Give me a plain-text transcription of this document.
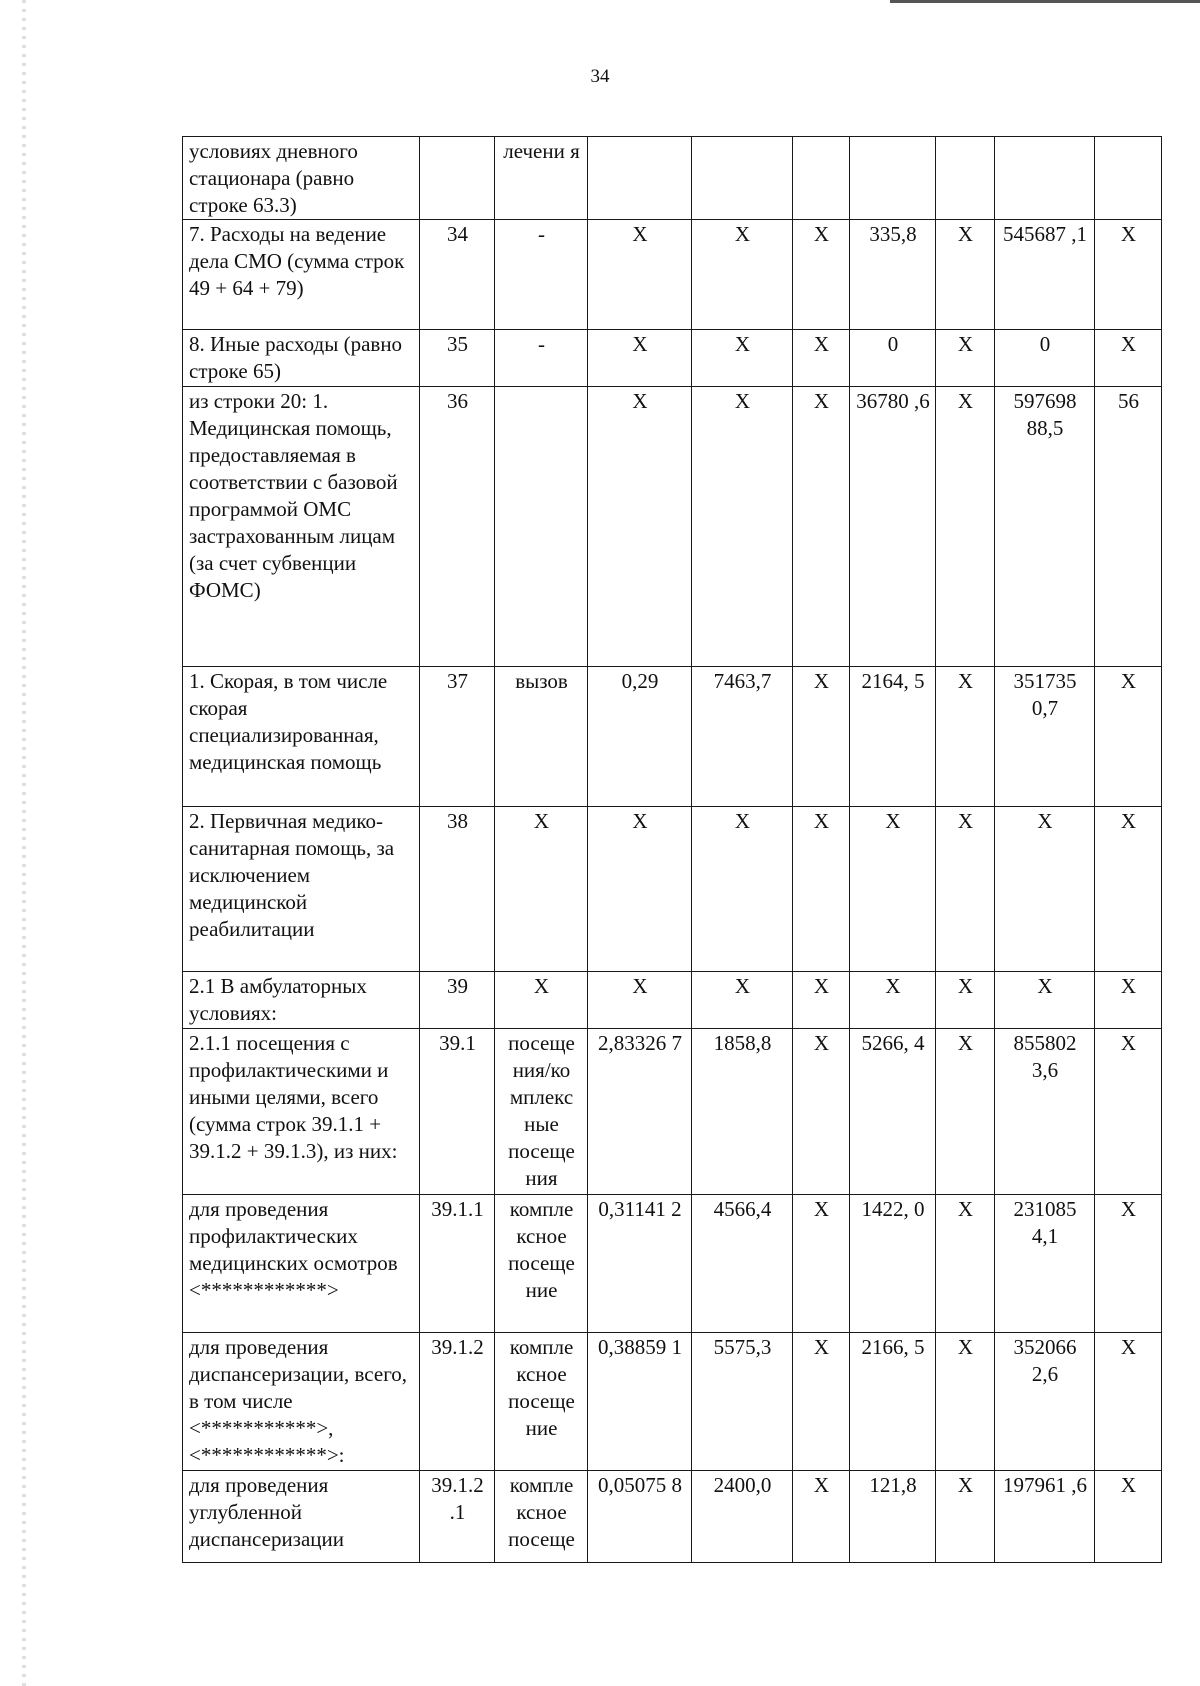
34
условиях дневного стационара (равно строке 63.3)		лечени я							
7. Расходы на ведение дела СМО (сумма строк 49 + 64 + 79)	34	-	Х	Х	Х	335,8	Х	545687 ,1	Х
8. Иные расходы (равно строке 65)	35	-	Х	Х	Х	0	Х	0	Х
из строки 20: 1. Медицинская помощь, предоставляемая в соответствии с базовой программой ОМС застрахованным лицам (за счет субвенции ФОМС)	36		Х	Х	Х	36780 ,6	Х	597698 88,5	56
1. Скорая, в том числе скорая специализированная, медицинская помощь	37	вызов	0,29	7463,7	Х	2164, 5	Х	351735 0,7	Х
2. Первичная медико-санитарная помощь, за исключением медицинской реабилитации	38	Х	Х	Х	Х	Х	Х	Х	Х
2.1 В амбулаторных условиях:	39	Х	Х	Х	Х	Х	Х	Х	Х
2.1.1 посещения с профилактическими и иными целями, всего (сумма строк 39.1.1 + 39.1.2 + 39.1.3), из них:	39.1	посеще ния/ко мплекс ные посеще ния	2,83326 7	1858,8	Х	5266, 4	Х	855802 3,6	Х
для проведения профилактических медицинских осмотров <************>	39.1.1	компле ксное посеще ние	0,31141 2	4566,4	Х	1422, 0	Х	231085 4,1	Х
для проведения диспансеризации, всего, в том числе <***********>, <************>:	39.1.2	компле ксное посеще ние	0,38859 1	5575,3	Х	2166, 5	Х	352066 2,6	Х
для проведения углубленной диспансеризации	39.1.2 .1	компле ксное посеще	0,05075 8	2400,0	Х	121,8	Х	197961 ,6	Х
